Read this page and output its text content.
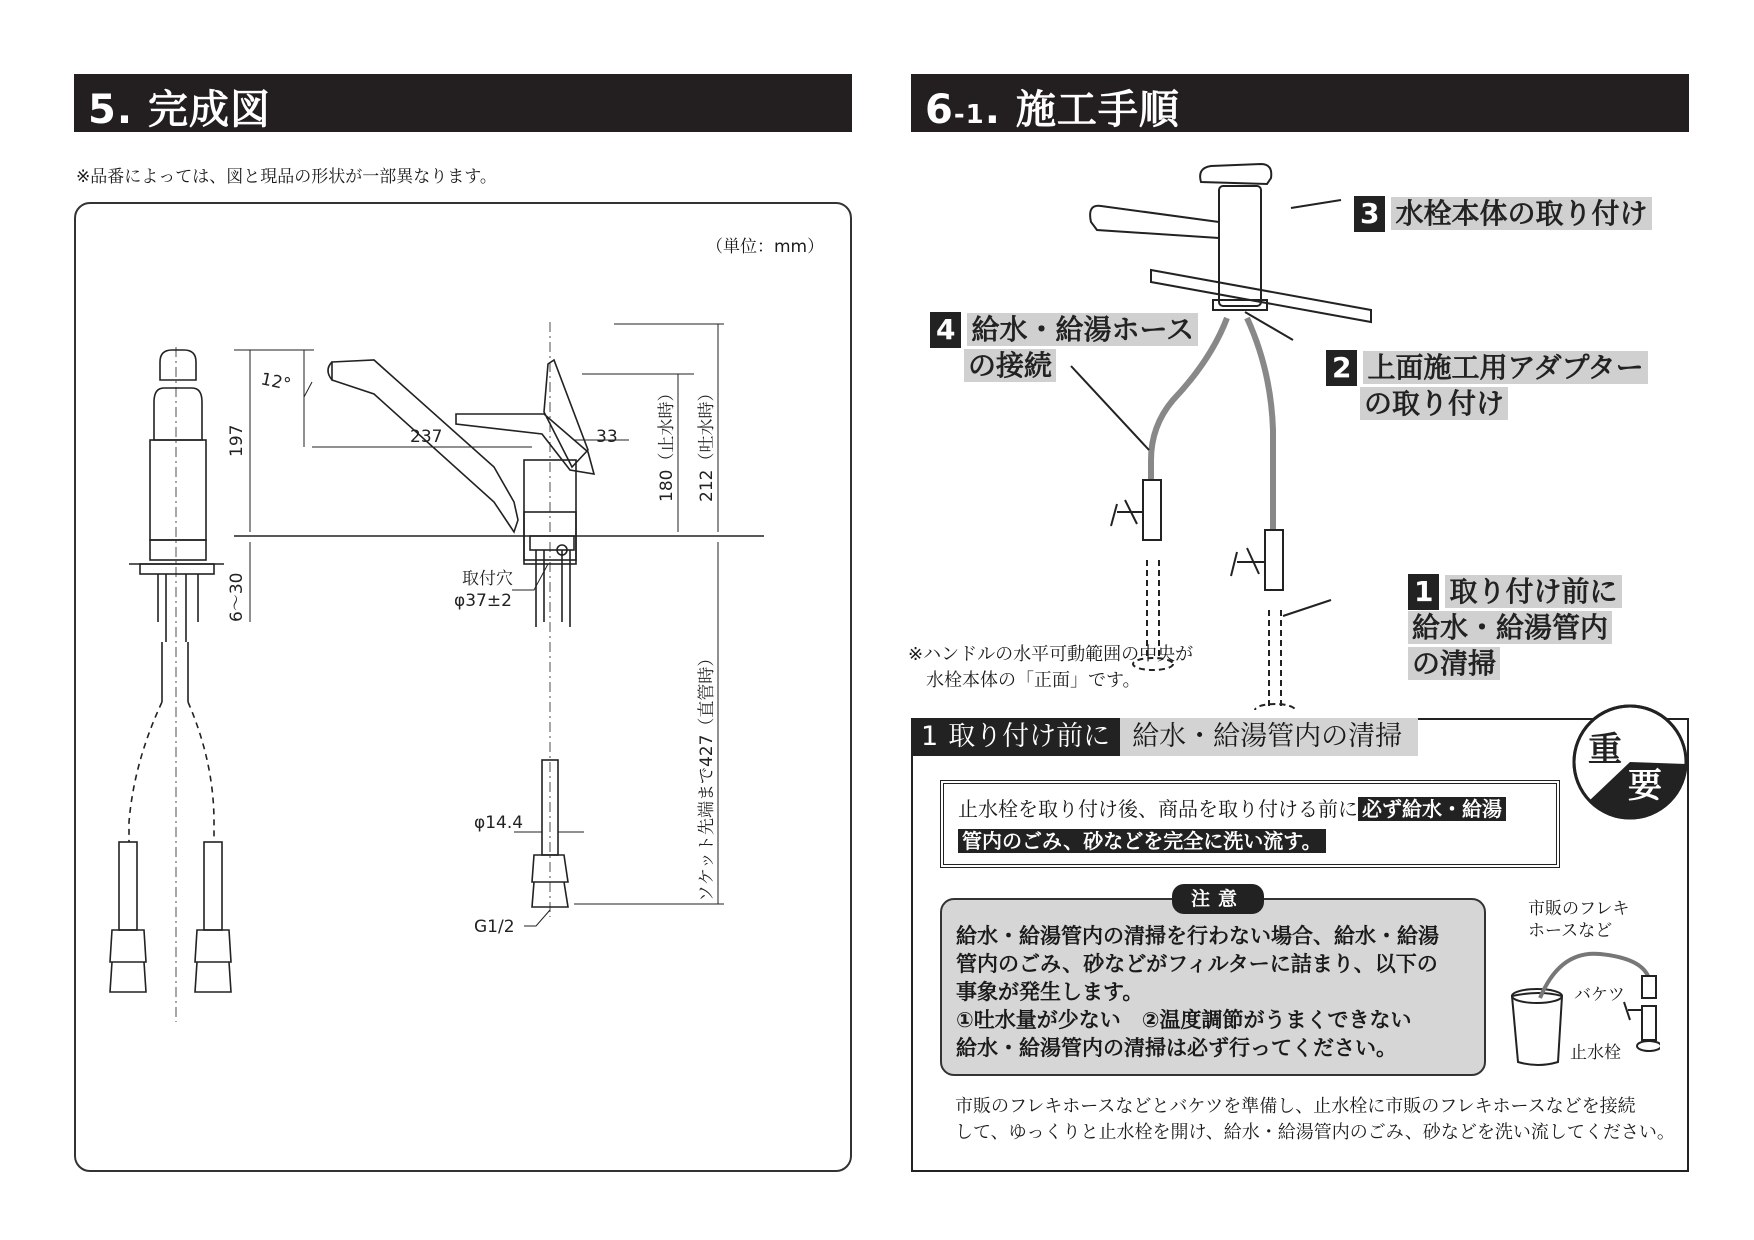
5. 完成図
※品番によっては、図と現品の形状が一部異なります。
（単位：mm）
12°
197	237	33 180（止水時） 212（吐水時）
6～30	取付穴
φ37±2
ソケット先端まで427（直管時）
φ14.4
G1/2
6-1. 施工手順
3 水栓本体の取り付け
4 給水・給湯ホース
の接続	2 上面施工用アダプター
の取り付け
1 取り付け前に
給水・給湯管内
の清掃
※ハンドルの水平可動範囲の中央が
水栓本体の「正面」です。
1 取り付け前に 給水・給湯管内の清掃	重
要
止水栓を取り付け後、商品を取り付ける前に 必ず給水・給湯
管内のごみ、砂などを完全に洗い流す。
給水・給湯管内の清掃を行わない場合、給水・給湯
管内のごみ、砂などがフィルターに詰まり、以下の
事象が発生します。
①吐水量が少ない　②温度調節がうまくできない
給水・給湯管内の清掃は必ず行ってください。
注意	市販のフレキ
ホースなど
バケツ
止水栓
市販のフレキホースなどとバケツを準備し、止水栓に市販のフレキホースなどを接続
して、ゆっくりと止水栓を開け、給水・給湯管内のごみ、砂などを洗い流してください。
